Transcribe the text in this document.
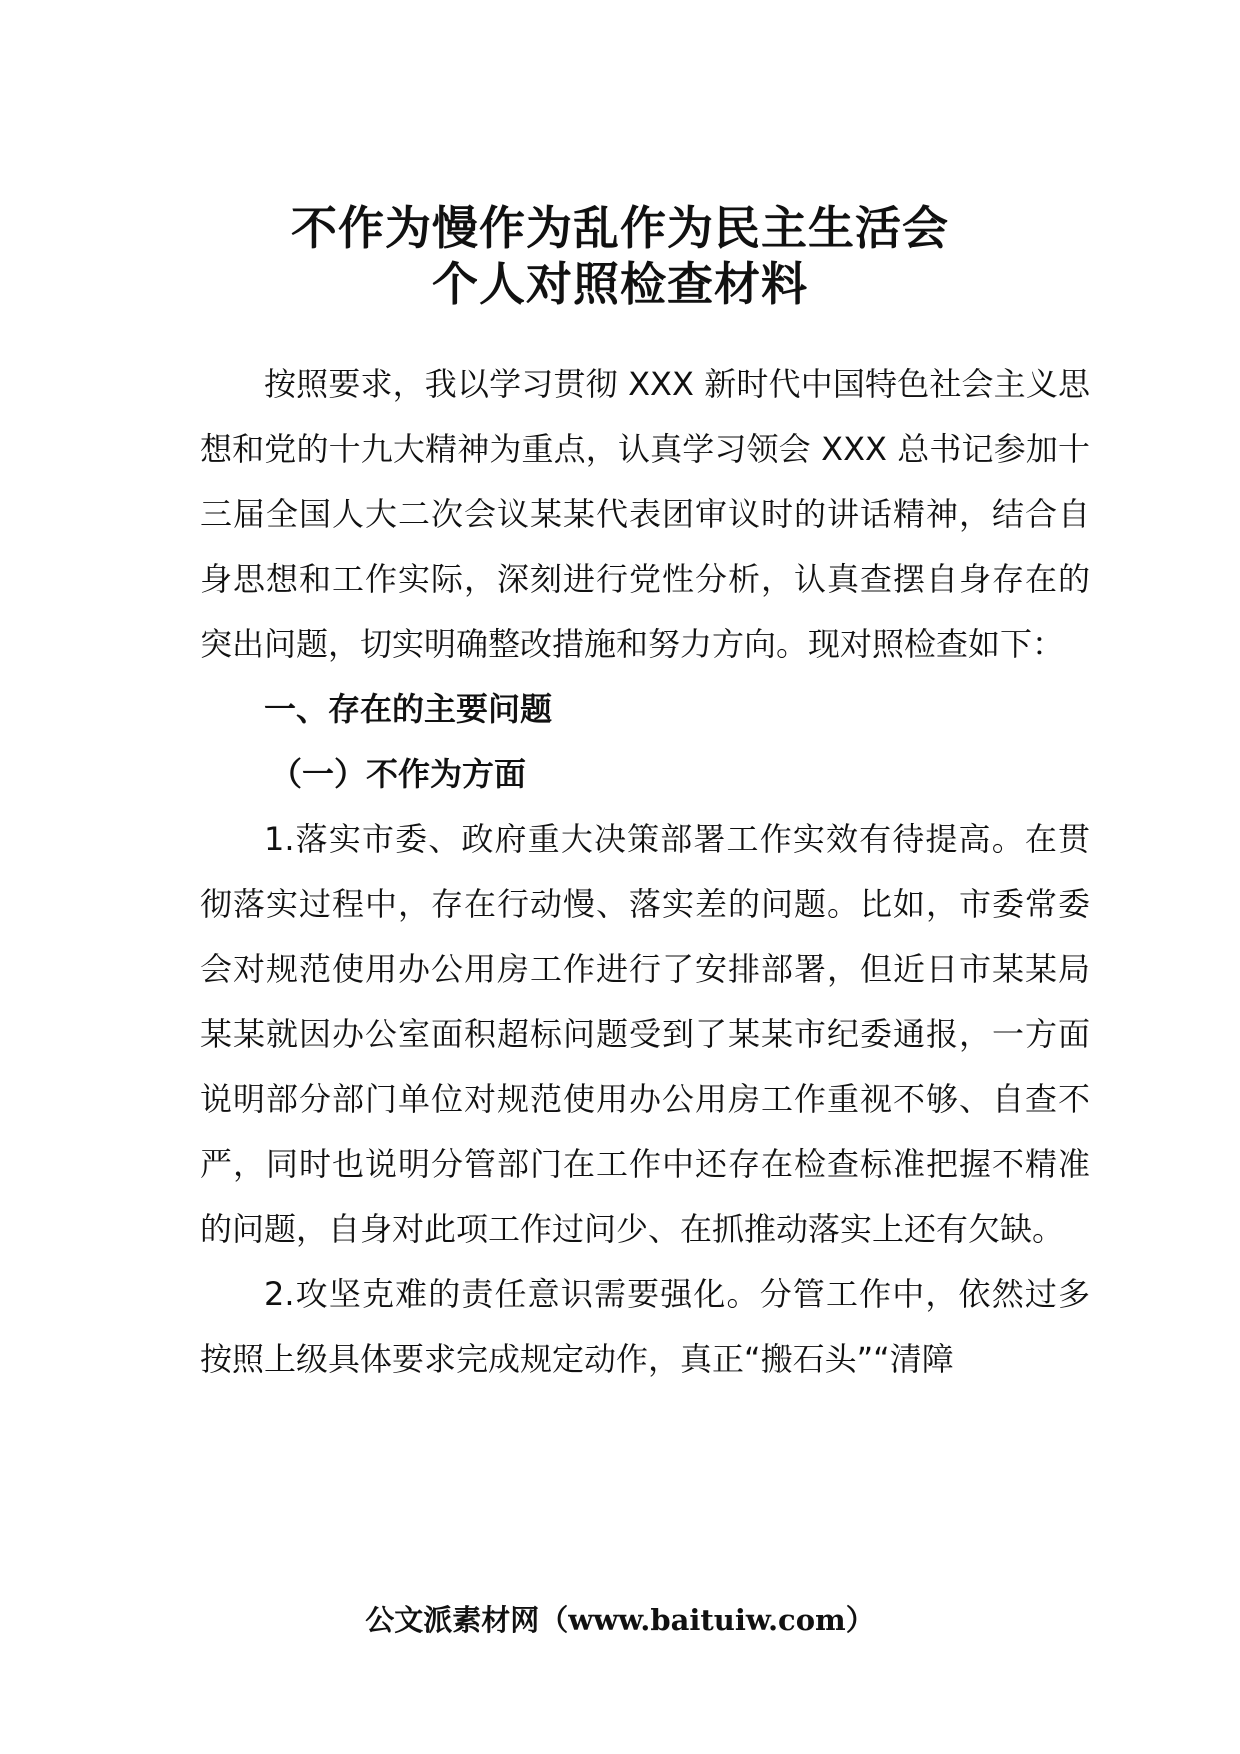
不作为慢作为乱作为民主生活会
个人对照检查材料

按照要求，我以学习贯彻 XXX 新时代中国特色社会主义思想和党的十九大精神为重点，认真学习领会 XXX 总书记参加十三届全国人大二次会议某某代表团审议时的讲话精神，结合自身思想和工作实际，深刻进行党性分析，认真查摆自身存在的突出问题，切实明确整改措施和努力方向。现对照检查如下：

一、存在的主要问题

（一）不作为方面

1.落实市委、政府重大决策部署工作实效有待提高。在贯彻落实过程中，存在行动慢、落实差的问题。比如，市委常委会对规范使用办公用房工作进行了安排部署，但近日市某某局某某就因办公室面积超标问题受到了某某市纪委通报，一方面说明部分部门单位对规范使用办公用房工作重视不够、自查不严，同时也说明分管部门在工作中还存在检查标准把握不精准的问题，自身对此项工作过问少、在抓推动落实上还有欠缺。

2.攻坚克难的责任意识需要强化。分管工作中，依然过多按照上级具体要求完成规定动作，真正“搬石头”“清障

公文派素材网（www.baituiw.com）
